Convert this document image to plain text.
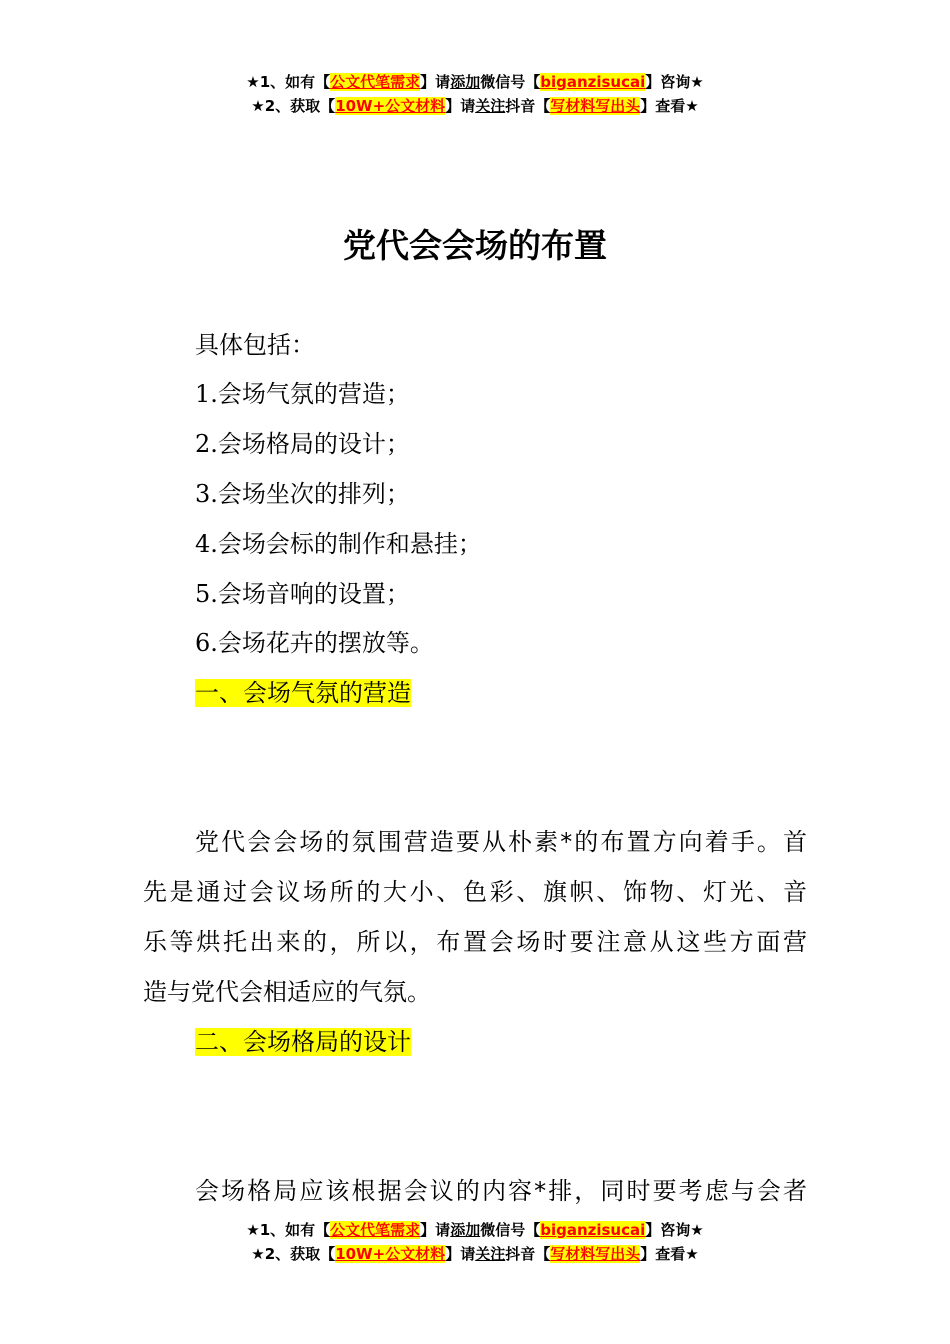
★1、如有【公文代笔需求】请添加微信号【biganzisucai】咨询★
★2、获取【10W+公文材料】请关注抖音【写材料写出头】查看★
党代会会场的布置
具体包括：
1.会场气氛的营造；
2.会场格局的设计；
3.会场坐次的排列；
4.会场会标的制作和悬挂；
5.会场音响的设置；
6.会场花卉的摆放等。
一、会场气氛的营造
党代会会场的氛围营造要从朴素*的布置方向着手。首
先是通过会议场所的大小、色彩、旗帜、饰物、灯光、音
乐等烘托出来的，所以，布置会场时要注意从这些方面营
造与党代会相适应的气氛。
二、会场格局的设计
会场格局应该根据会议的内容*排，同时要考虑与会者
★1、如有【公文代笔需求】请添加微信号【biganzisucai】咨询★
★2、获取【10W+公文材料】请关注抖音【写材料写出头】查看★
